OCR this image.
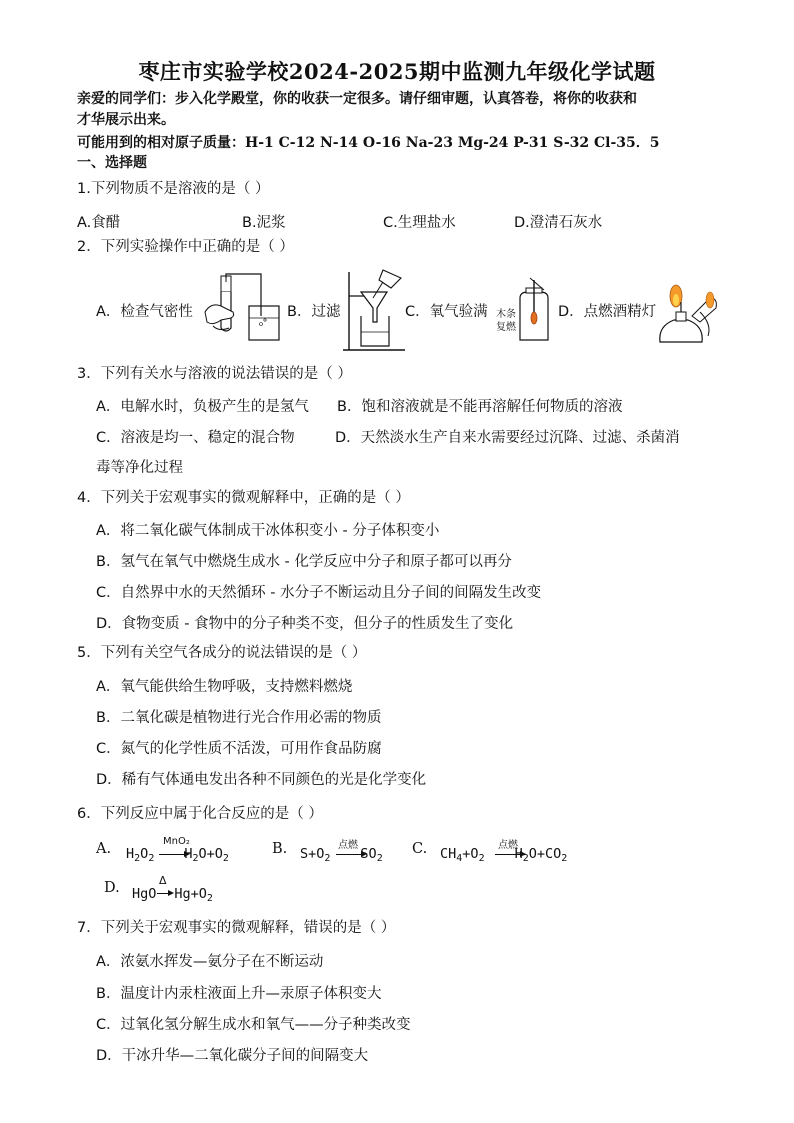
枣庄市实验学校2024-2025期中监测九年级化学试题
亲爱的同学们：步入化学殿堂，你的收获一定很多。请仔细审题，认真答卷，将你的收获和
才华展示出来。
可能用到的相对原子质量：H-1 C-12 N-14 O-16 Na-23 Mg-24 P-31 S-32 Cl-35．5
一、选择题
1.下列物质不是溶液的是（ ）
A.食醋	B.泥浆	C.生理盐水	D.澄清石灰水
2．下列实验操作中正确的是（ ）
A．检查气密性	B．过滤	C．氧气验满 木条
复燃
D．点燃酒精灯
3．下列有关水与溶液的说法错误的是（ ）
A．电解水时，负极产生的是氢气 B．饱和溶液就是不能再溶解任何物质的溶液
C．溶液是均一、稳定的混合物	D．天然淡水生产自来水需要经过沉降、过滤、杀菌消
毒等净化过程
4．下列关于宏观事实的微观解释中，正确的是（ ）
A．将二氧化碳气体制成干冰体积变小 - 分子体积变小
B．氢气在氧气中燃烧生成水 - 化学反应中分子和原子都可以再分
C．自然界中水的天然循环 - 水分子不断运动且分子间的间隔发生改变
D．食物变质 - 食物中的分子种类不变，但分子的性质发生了变化
5．下列有关空气各成分的说法错误的是（ ）
A．氧气能供给生物呼吸，支持燃料燃烧
B．二氧化碳是植物进行光合作用必需的物质
C．氮气的化学性质不活泼，可用作食品防腐
D．稀有气体通电发出各种不同颜色的光是化学变化
6．下列反应中属于化合反应的是（ ）
A. $H_2O_2$ $H_2O+O_2$
MnO₂	B. $S+O_2$ $SO_2$
点燃	C. $CH_4+O_2$ $H_2O+CO_2$
点燃
D. HgO $Hg+O_2$
Δ
7．下列关于宏观事实的微观解释，错误的是（ ）
A．浓氨水挥发—氨分子在不断运动
B．温度计内汞柱液面上升—汞原子体积变大
C．过氧化氢分解生成水和氧气——分子种类改变
D．干冰升华—二氧化碳分子间的间隔变大
